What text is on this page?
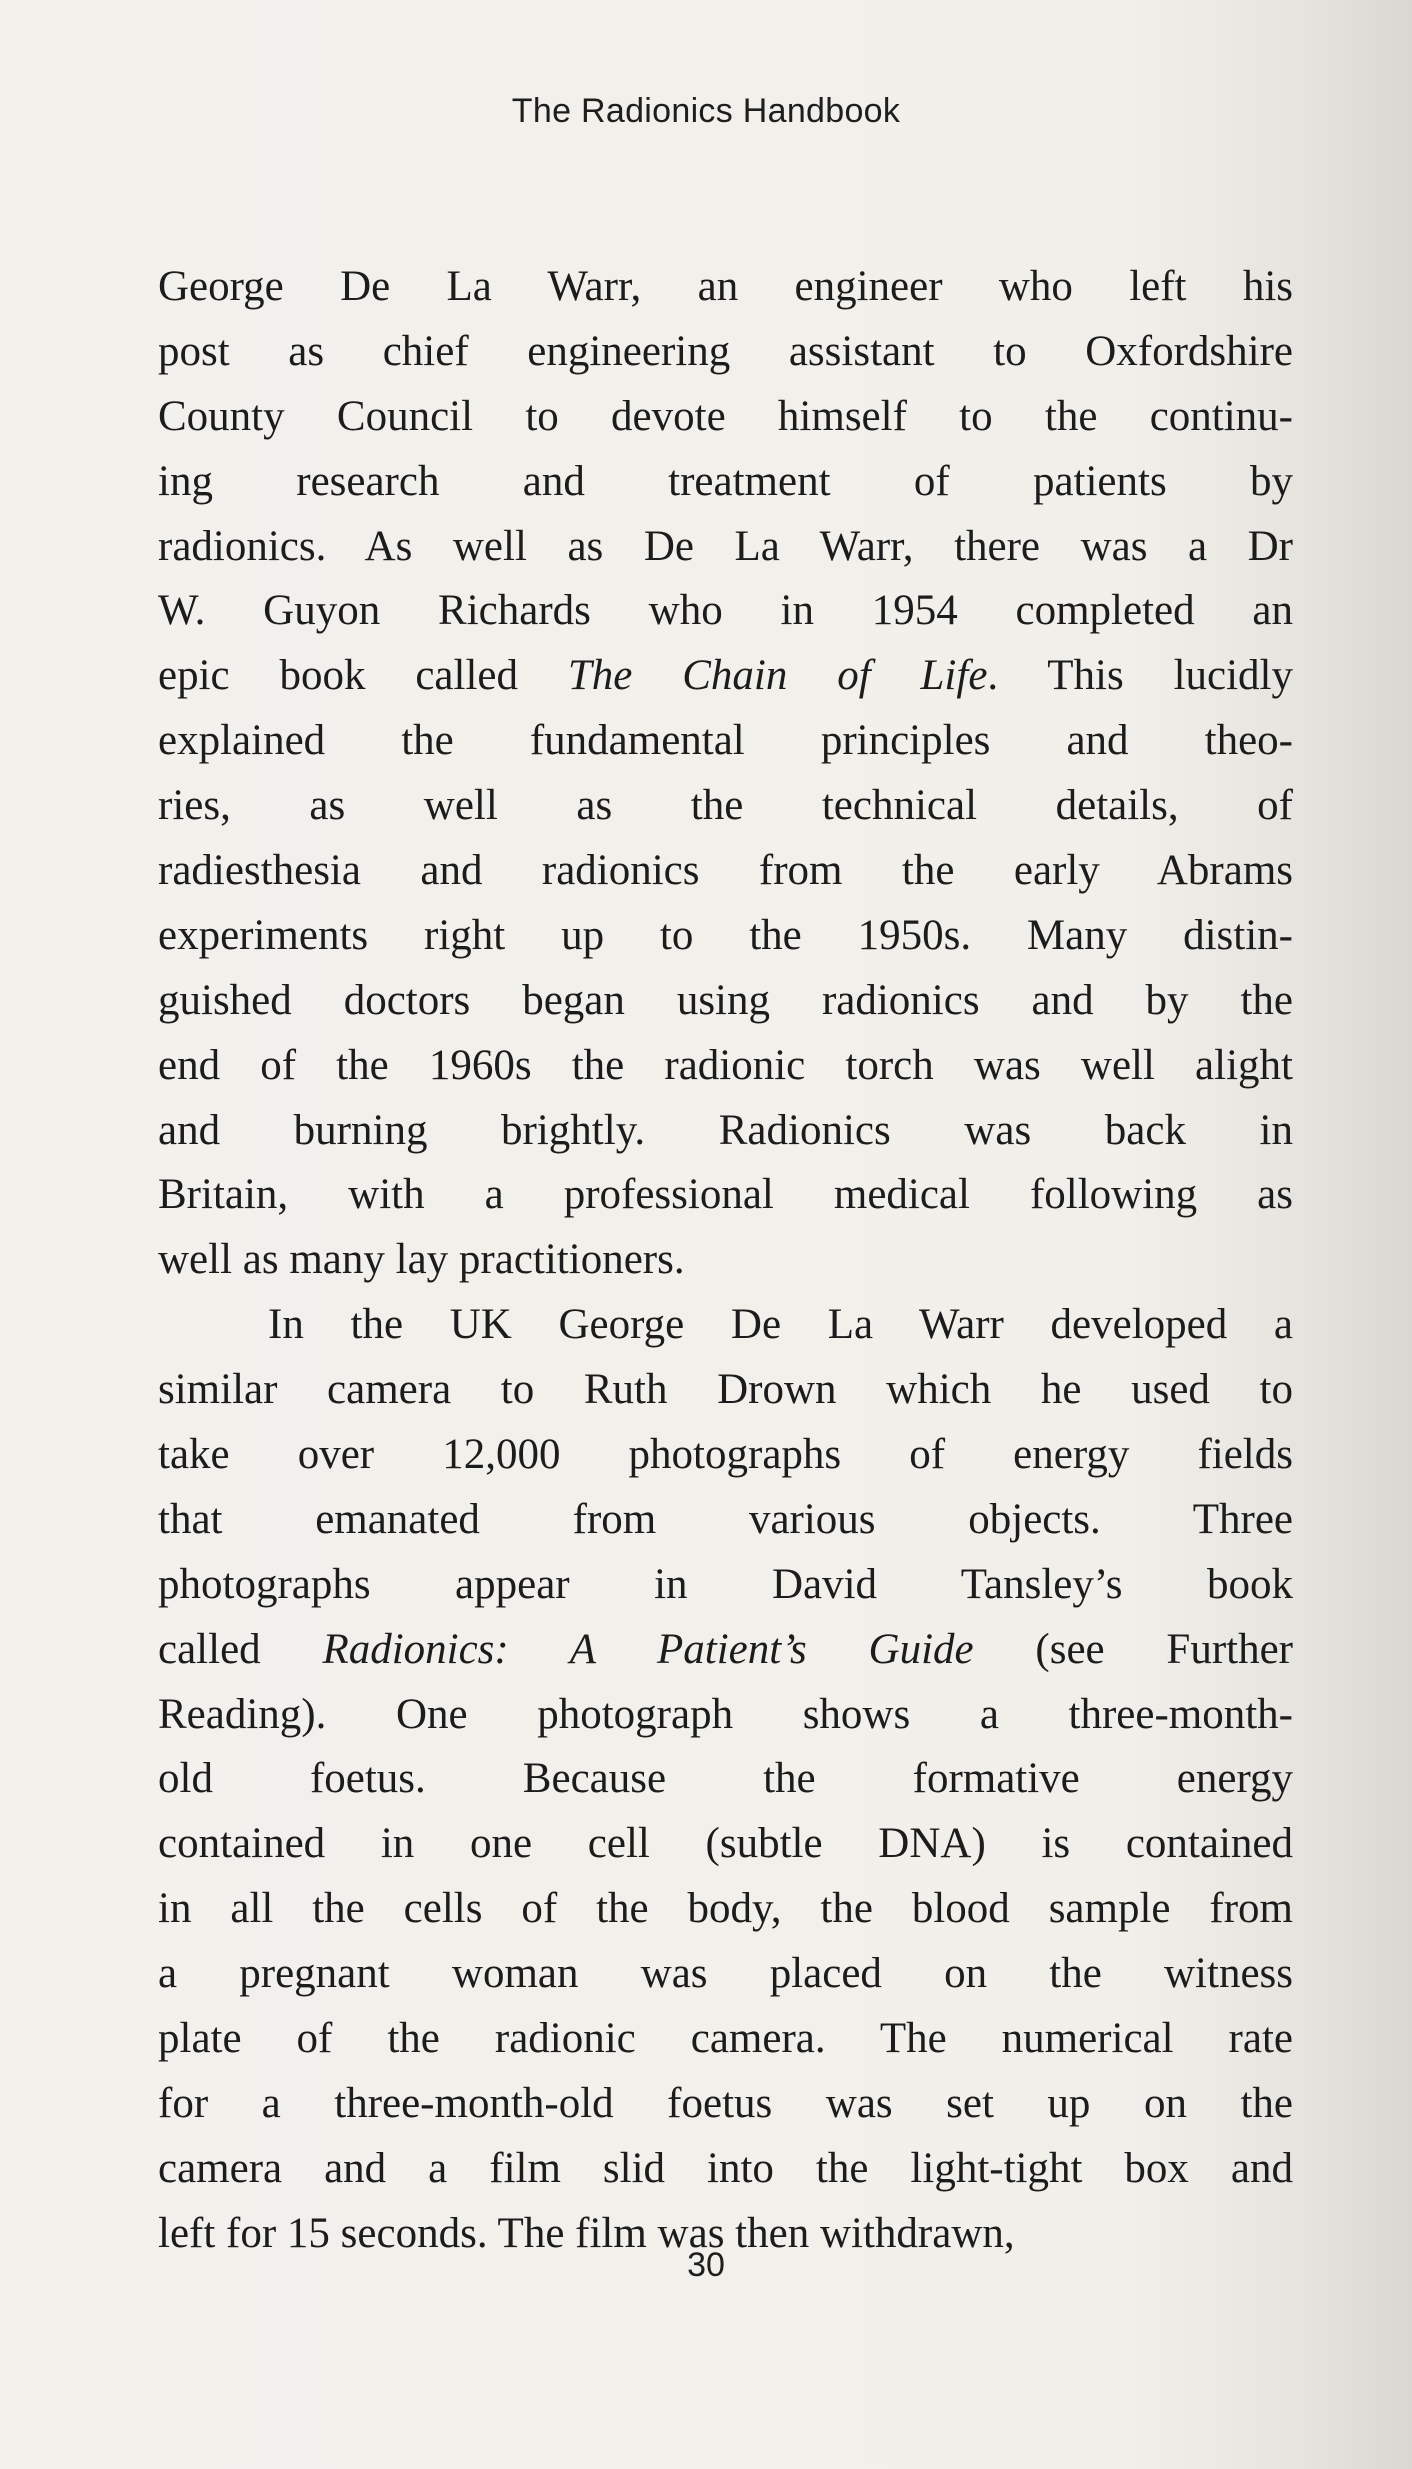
The Radionics Handbook
George De La Warr, an engineer who left his
post as chief engineering assistant to Oxfordshire
County Council to devote himself to the continu-
ing research and treatment of patients by
radionics. As well as De La Warr, there was a Dr
W. Guyon Richards who in 1954 completed an
epic book called The Chain of Life. This lucidly
explained the fundamental principles and theo-
ries, as well as the technical details, of
radiesthesia and radionics from the early Abrams
experiments right up to the 1950s. Many distin-
guished doctors began using radionics and by the
end of the 1960s the radionic torch was well alight
and burning brightly. Radionics was back in
Britain, with a professional medical following as
well as many lay practitioners.
In the UK George De La Warr developed a
similar camera to Ruth Drown which he used to
take over 12,000 photographs of energy fields
that emanated from various objects. Three
photographs appear in David Tansley’s book
called Radionics: A Patient’s Guide (see Further
Reading). One photograph shows a three-month-
old foetus. Because the formative energy
contained in one cell (subtle DNA) is contained
in all the cells of the body, the blood sample from
a pregnant woman was placed on the witness
plate of the radionic camera. The numerical rate
for a three-month-old foetus was set up on the
camera and a film slid into the light-tight box and
left for 15 seconds. The film was then withdrawn,
30
